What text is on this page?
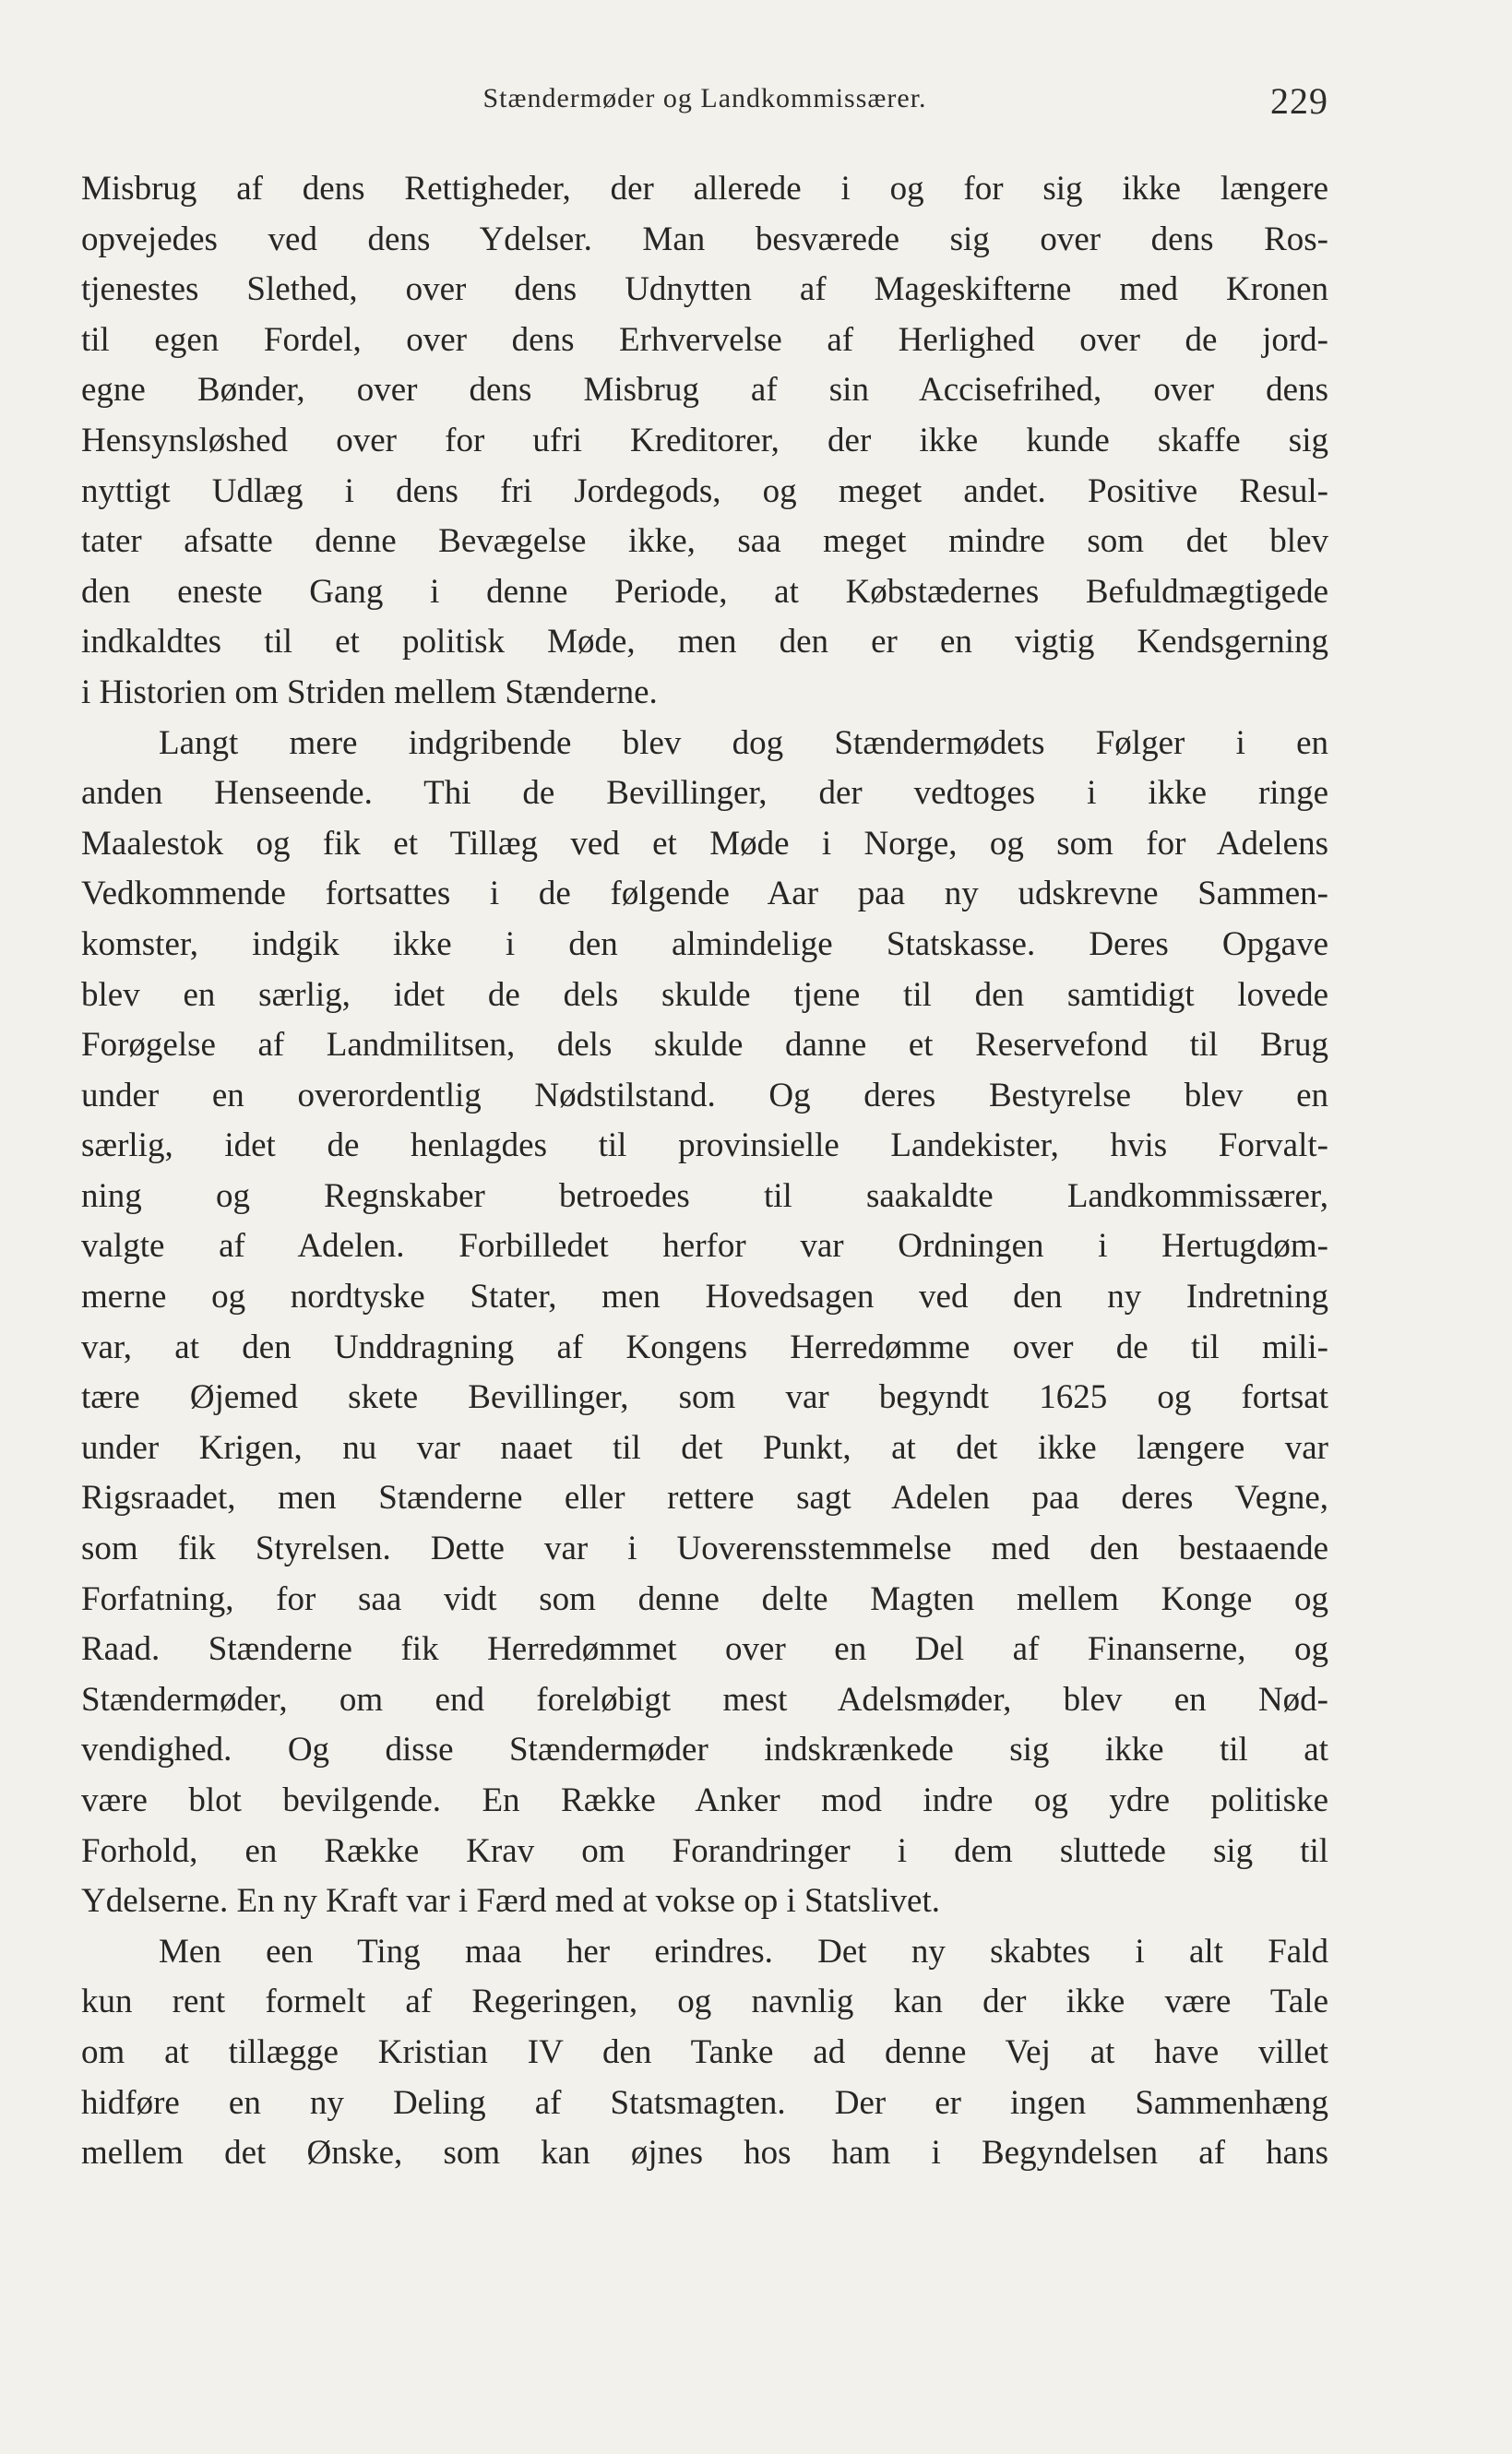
Stændermøder og Landkommissærer.	229
Misbrug af dens Rettigheder, der allerede i og for sig ikke længere
opvejedes ved dens Ydelser. Man besværede sig over dens Ros-
tjenestes Slethed, over dens Udnytten af Mageskifterne med Kronen
til egen Fordel, over dens Erhvervelse af Herlighed over de jord-
egne Bønder, over dens Misbrug af sin Accisefrihed, over dens
Hensynsløshed over for ufri Kreditorer, der ikke kunde skaffe sig
nyttigt Udlæg i dens fri Jordegods, og meget andet. Positive Resul-
tater afsatte denne Bevægelse ikke, saa meget mindre som det blev
den eneste Gang i denne Periode, at Købstædernes Befuldmægtigede
indkaldtes til et politisk Møde, men den er en vigtig Kendsgerning
i Historien om Striden mellem Stænderne.
Langt mere indgribende blev dog Stændermødets Følger i en
anden Henseende. Thi de Bevillinger, der vedtoges i ikke ringe
Maalestok og fik et Tillæg ved et Møde i Norge, og som for Adelens
Vedkommende fortsattes i de følgende Aar paa ny udskrevne Sammen-
komster, indgik ikke i den almindelige Statskasse. Deres Opgave
blev en særlig, idet de dels skulde tjene til den samtidigt lovede
Forøgelse af Landmilitsen, dels skulde danne et Reservefond til Brug
under en overordentlig Nødstilstand. Og deres Bestyrelse blev en
særlig, idet de henlagdes til provinsielle Landekister, hvis Forvalt-
ning og Regnskaber betroedes til saakaldte Landkommissærer,
valgte af Adelen. Forbilledet herfor var Ordningen i Hertugdøm-
merne og nordtyske Stater, men Hovedsagen ved den ny Indretning
var, at den Unddragning af Kongens Herredømme over de til mili-
tære Øjemed skete Bevillinger, som var begyndt 1625 og fortsat
under Krigen, nu var naaet til det Punkt, at det ikke længere var
Rigsraadet, men Stænderne eller rettere sagt Adelen paa deres Vegne,
som fik Styrelsen. Dette var i Uoverensstemmelse med den bestaaende
Forfatning, for saa vidt som denne delte Magten mellem Konge og
Raad. Stænderne fik Herredømmet over en Del af Finanserne, og
Stændermøder, om end foreløbigt mest Adelsmøder, blev en Nød-
vendighed. Og disse Stændermøder indskrænkede sig ikke til at
være blot bevilgende. En Række Anker mod indre og ydre politiske
Forhold, en Række Krav om Forandringer i dem sluttede sig til
Ydelserne. En ny Kraft var i Færd med at vokse op i Statslivet.
Men een Ting maa her erindres. Det ny skabtes i alt Fald
kun rent formelt af Regeringen, og navnlig kan der ikke være Tale
om at tillægge Kristian IV den Tanke ad denne Vej at have villet
hidføre en ny Deling af Statsmagten. Der er ingen Sammenhæng
mellem det Ønske, som kan øjnes hos ham i Begyndelsen af hans
